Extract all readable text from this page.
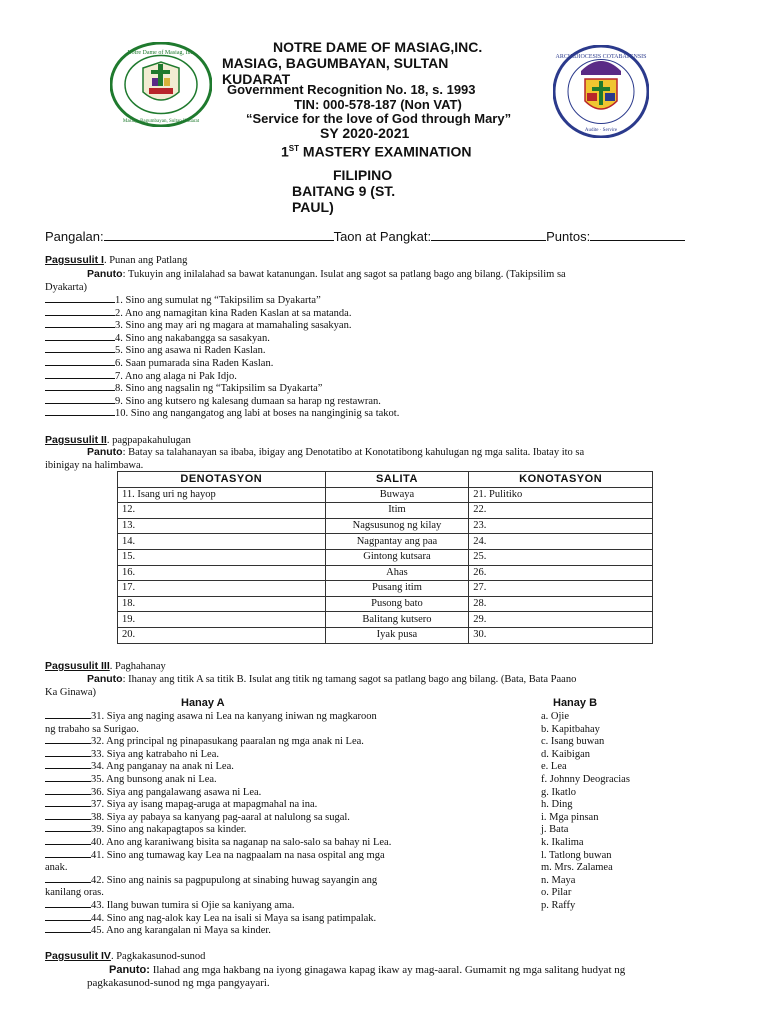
Notre Dame of Masiag, Inc.
Masiag, Bagumbayan, Sultan Kudarat
ARCHIDIOCESIS COTABATENSIS
Audite · Servire
NOTRE DAME OF MASIAG,INC.
MASIAG, BAGUMBAYAN, SULTAN
KUDARAT
Government Recognition No. 18, s. 1993
TIN: 000-578-187 (Non VAT)
“Service for the love of God through Mary”
SY 2020-2021
1ST MASTERY EXAMINATION
FILIPINO
BAITANG 9 (ST.
PAUL)
Pangalan:	Taon at Pangkat:	Puntos:
Pagsusulit I. Punan ang Patlang
Panuto: Tukuyin ang inilalahad sa bawat katanungan. Isulat ang sagot sa patlang bago ang bilang. (Takipsilim sa
Dyakarta)
1. Sino ang sumulat ng “Takipsilim sa Dyakarta”
2. Ano ang namagitan kina Raden Kaslan at sa matanda.
3. Sino ang may ari ng magara at mamahaling sasakyan.
4. Sino ang nakabangga sa sasakyan.
5. Sino ang asawa ni Raden Kaslan.
6. Saan pumarada sina Raden Kaslan.
7. Ano ang alaga ni Pak Idjo.
8. Sino ang nagsalin ng “Takipsilim sa Dyakarta”
9. Sino ang kutsero ng kalesang dumaan sa harap ng restawran.
10. Sino ang nangangatog ang labi at boses na nanginginig sa takot.
Pagsusulit II. pagpapakahulugan
Panuto: Batay sa talahanayan sa ibaba, ibigay ang Denotatibo at Konotatibong kahulugan ng mga salita. Ibatay ito sa
ibinigay na halimbawa.
DENOTASYON	SALITA	KONOTASYON
11. Isang uri ng hayop	Buwaya	21. Pulitiko
12.	Itim	22.
13.	Nagsusunog ng kilay	23.
14.	Nagpantay ang paa	24.
15.	Gintong kutsara	25.
16.	Ahas	26.
17.	Pusang itim	27.
18.	Pusong bato	28.
19.	Balitang kutsero	29.
20.	Iyak pusa	30.
Pagsusulit III. Paghahanay
Panuto: Ihanay ang titik A sa titik B. Isulat ang titik ng tamang sagot sa patlang bago ang bilang. (Bata, Bata Paano
Ka Ginawa)
Hanay A	Hanay B
31. Siya ang naging asawa ni Lea na kanyang iniwan ng magkaroon
ng trabaho sa Surigao.
32. Ang principal ng pinapasukang paaralan ng mga anak ni Lea.
33. Siya ang katrabaho ni Lea.
34. Ang panganay na anak ni Lea.
35. Ang bunsong anak ni Lea.
36. Siya ang pangalawang asawa ni Lea.
37. Siya ay isang mapag-aruga at mapagmahal na ina.
38. Siya ay pabaya sa kanyang pag-aaral at nalulong sa sugal.
39. Sino ang nakapagtapos sa kinder.
40. Ano ang karaniwang bisita sa naganap na salo-salo sa bahay ni Lea.
41. Sino ang tumawag kay Lea na nagpaalam na nasa ospital ang mga
anak.
42. Sino ang nainis sa pagpupulong at sinabing huwag sayangin ang
kanilang oras.
43. Ilang buwan tumira si Ojie sa kaniyang ama.
44. Sino ang nag-alok kay Lea na isali si Maya sa isang patimpalak.
45. Ano ang karangalan ni Maya sa kinder.
a. Ojie
b. Kapitbahay
c. Isang buwan
d. Kaibigan
e. Lea
f. Johnny Deogracias
g. Ikatlo
h. Ding
i. Mga pinsan
j. Bata
k. Ikalima
l. Tatlong buwan
m. Mrs. Zalamea
n. Maya
o. Pilar
p. Raffy
Pagsusulit IV. Pagkakasunod-sunod
Panuto: Ilahad ang mga hakbang na iyong ginagawa kapag ikaw ay mag-aaral. Gumamit ng mga salitang hudyat ng
pagkakasunod-sunod ng mga pangyayari.
